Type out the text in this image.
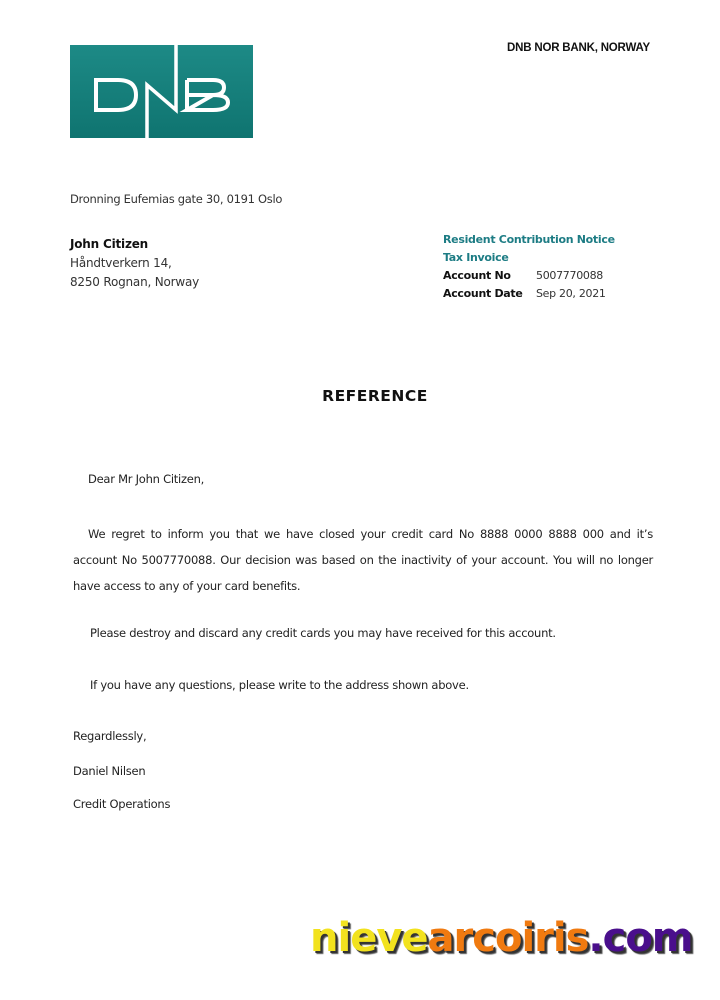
DNB NOR BANK, NORWAY
Dronning Eufemias gate 30, 0191 Oslo
John Citizen
Håndtverkern 14,
8250 Rognan, Norway
Resident Contribution Notice
Tax Invoice
Account No	5007770088
Account Date	Sep 20, 2021
REFERENCE
Dear Mr John Citizen,
We regret to inform you that we have closed your credit card No 8888 0000 8888 000 and it’s account No 5007770088. Our decision was based on the inactivity of your account. You will no longer have access to any of your card benefits.
Please destroy and discard any credit cards you may have received for this account.
If you have any questions, please write to the address shown above.
Regardlessly,
Daniel Nilsen
Credit Operations
nievearcoiris.com
